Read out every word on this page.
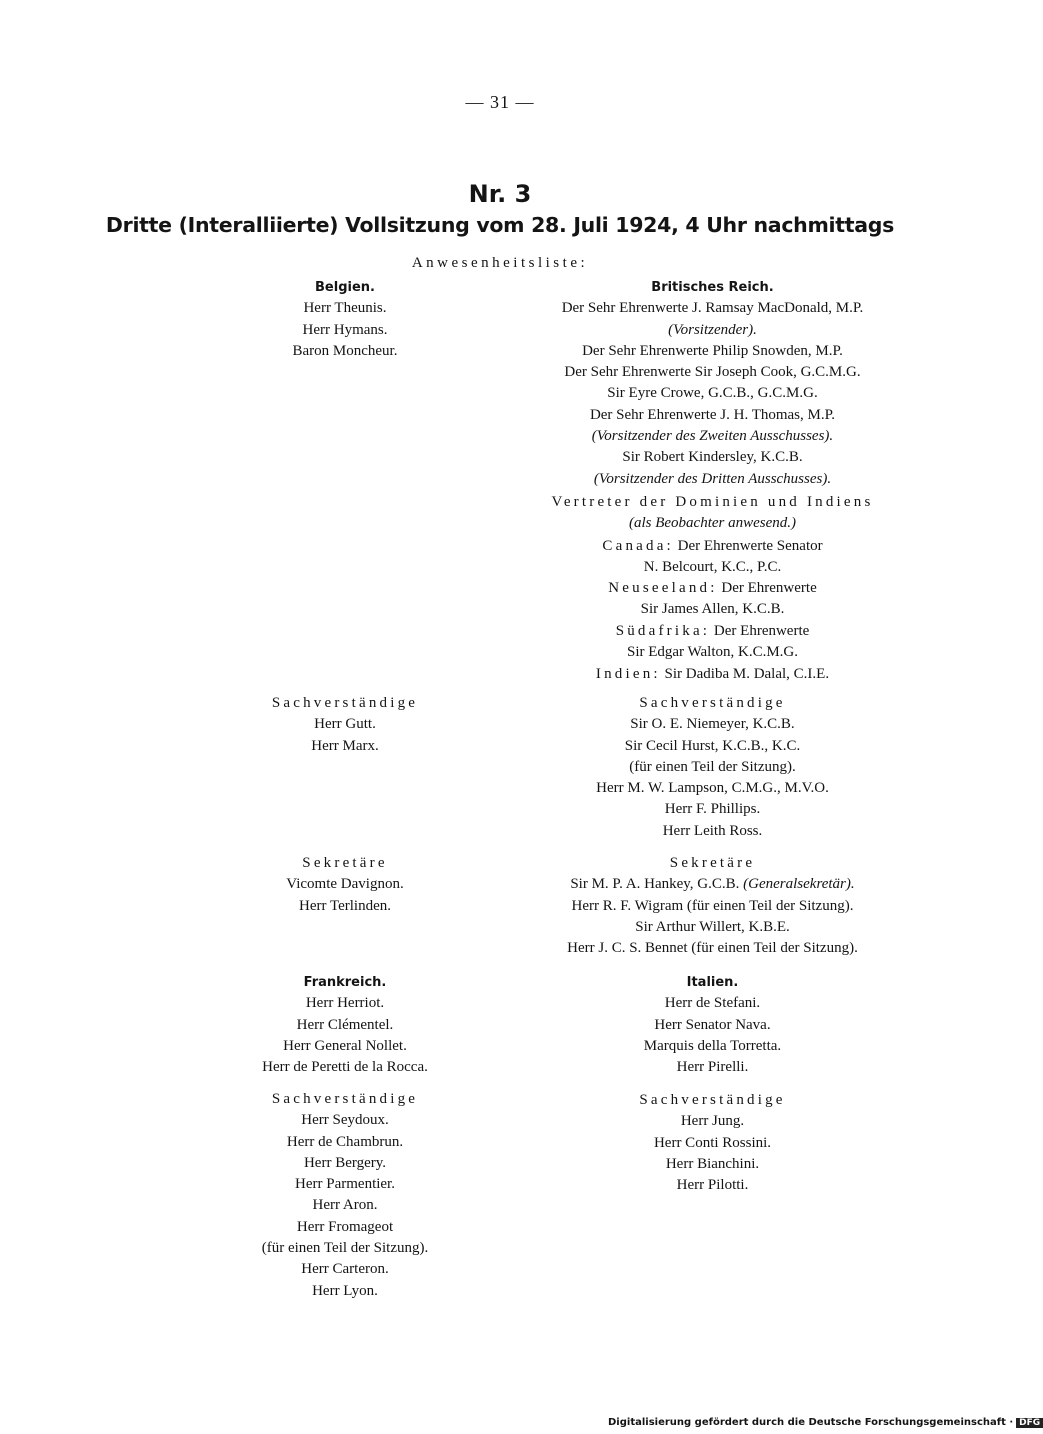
— 31 —
Nr. 3
Dritte (Interalliierte) Vollsitzung vom 28. Juli 1924, 4 Uhr nachmittags
Anwesenheitsliste:
Belgien.
Herr Theunis.
Herr Hymans.
Baron Moncheur.
Sachverständige
Herr Gutt.
Herr Marx.
Sekretäre
Vicomte Davignon.
Herr Terlinden.
Frankreich.
Herr Herriot.
Herr Clémentel.
Herr General Nollet.
Herr de Peretti de la Rocca.
Sachverständige
Herr Seydoux.
Herr de Chambrun.
Herr Bergery.
Herr Parmentier.
Herr Aron.
Herr Fromageot
(für einen Teil der Sitzung).
Herr Carteron.
Herr Lyon.
Britisches Reich.
Der Sehr Ehrenwerte J. Ramsay MacDonald, M.P.
(Vorsitzender).
Der Sehr Ehrenwerte Philip Snowden, M.P.
Der Sehr Ehrenwerte Sir Joseph Cook, G.C.M.G.
Sir Eyre Crowe, G.C.B., G.C.M.G.
Der Sehr Ehrenwerte J. H. Thomas, M.P.
(Vorsitzender des Zweiten Ausschusses).
Sir Robert Kindersley, K.C.B.
(Vorsitzender des Dritten Ausschusses).
Vertreter der Dominien und Indiens
(als Beobachter anwesend.)
Canada: Der Ehrenwerte Senator
N. Belcourt, K.C., P.C.
Neuseeland: Der Ehrenwerte
Sir James Allen, K.C.B.
Südafrika: Der Ehrenwerte
Sir Edgar Walton, K.C.M.G.
Indien: Sir Dadiba M. Dalal, C.I.E.
Sachverständige
Sir O. E. Niemeyer, K.C.B.
Sir Cecil Hurst, K.C.B., K.C.
(für einen Teil der Sitzung).
Herr M. W. Lampson, C.M.G., M.V.O.
Herr F. Phillips.
Herr Leith Ross.
Sekretäre
Sir M. P. A. Hankey, G.C.B. (Generalsekretär).
Herr R. F. Wigram (für einen Teil der Sitzung).
Sir Arthur Willert, K.B.E.
Herr J. C. S. Bennet (für einen Teil der Sitzung).
Italien.
Herr de Stefani.
Herr Senator Nava.
Marquis della Torretta.
Herr Pirelli.
Sachverständige
Herr Jung.
Herr Conti Rossini.
Herr Bianchini.
Herr Pilotti.
Digitalisierung gefördert durch die Deutsche Forschungsgemeinschaft · DFG
